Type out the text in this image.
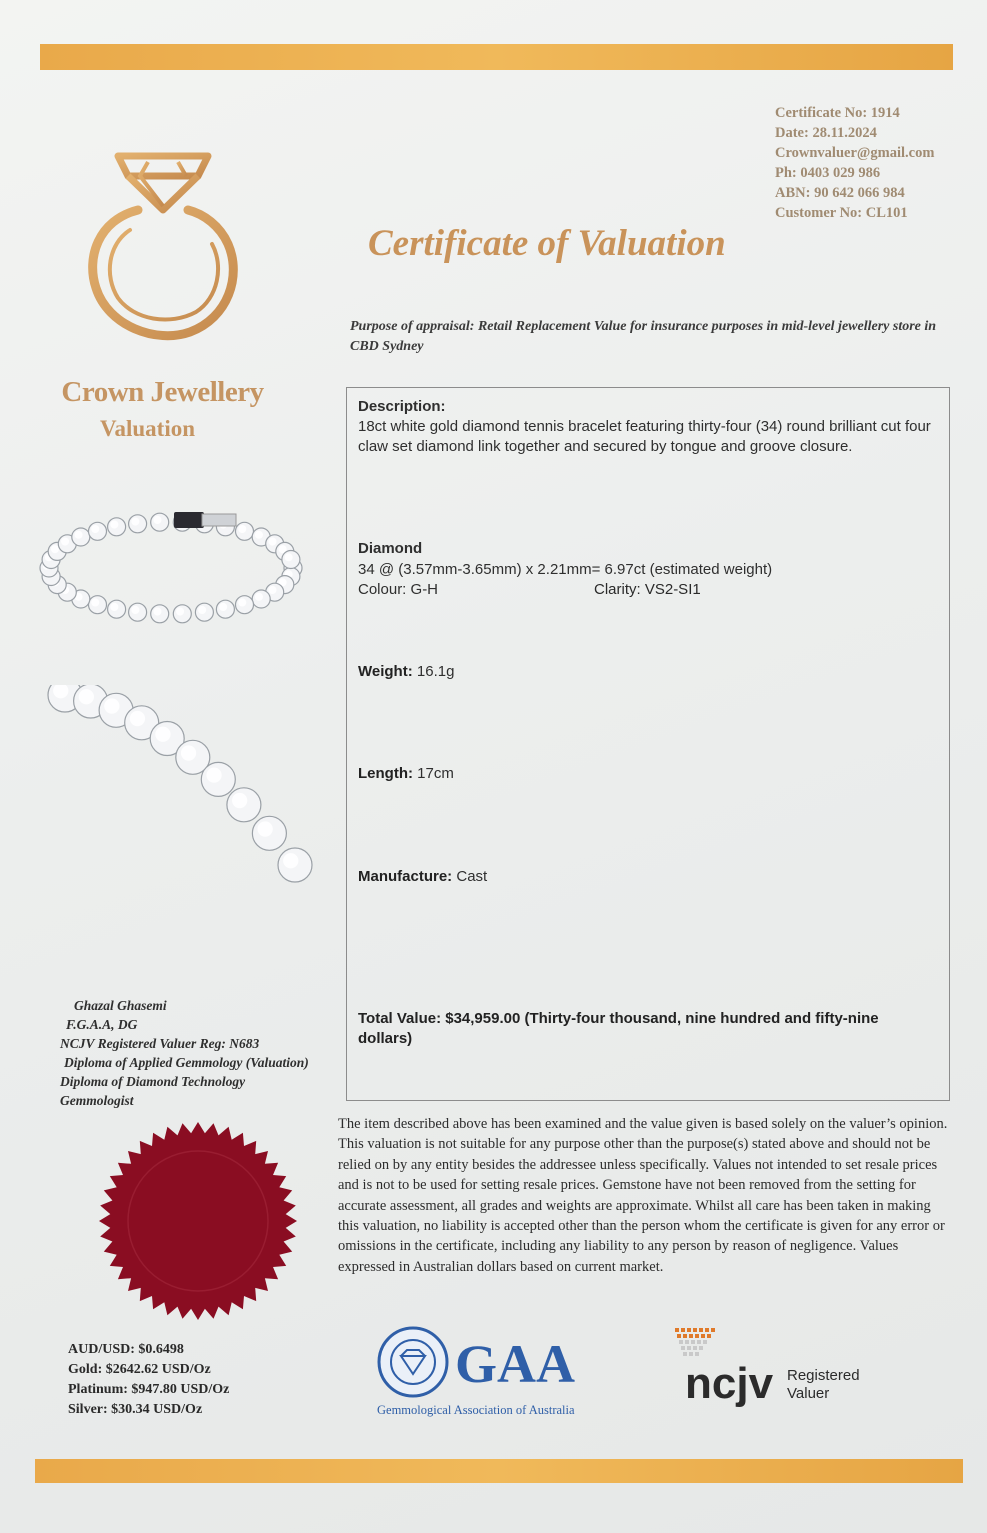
Certificate No: 1914
Date: 28.11.2024
Crownvaluer@gmail.com
Ph: 0403 029 986
ABN: 90 642 066 984
Customer No: CL101
Certificate of Valuation
Crown Jewellery
Valuation
Purpose of appraisal: Retail Replacement Value for insurance purposes in mid-level jewellery store in CBD Sydney
Description:
18ct white gold diamond tennis bracelet featuring thirty-four (34) round brilliant cut four claw set diamond link together and secured by tongue and groove closure.
Diamond
34 @ (3.57mm-3.65mm) x 2.21mm= 6.97ct (estimated weight)
Colour: G-H	Clarity: VS2-SI1
Weight: 16.1g
Length: 17cm
Manufacture: Cast
Total Value: $34,959.00 (Thirty-four thousand, nine hundred and fifty-nine dollars)
The item described above has been examined and the value given is based solely on the valuer’s opinion. This valuation is not suitable for any purpose other than the purpose(s) stated above and should not be relied on by any entity besides the addressee unless specifically. Values not intended to set resale prices and is not to be used for setting resale prices. Gemstone have not been removed from the setting for accurate assessment, all grades and weights are approximate. Whilst all care has been taken in making this valuation, no liability is accepted other than the person whom the certificate is given for any error or omissions in the certificate, including any liability to any person by reason of negligence. Values expressed in Australian dollars based on current market.
Ghazal Ghasemi
F.G.A.A, DG
NCJV Registered Valuer Reg: N683
Diploma of Applied Gemmology (Valuation)
Diploma of Diamond Technology
Gemmologist
AUD/USD: $0.6498
Gold: $2642.62 USD/Oz
Platinum: $947.80 USD/Oz
Silver: $30.34 USD/Oz
GAA
Gemmological Association of Australia
ncjv Registered
Valuer
